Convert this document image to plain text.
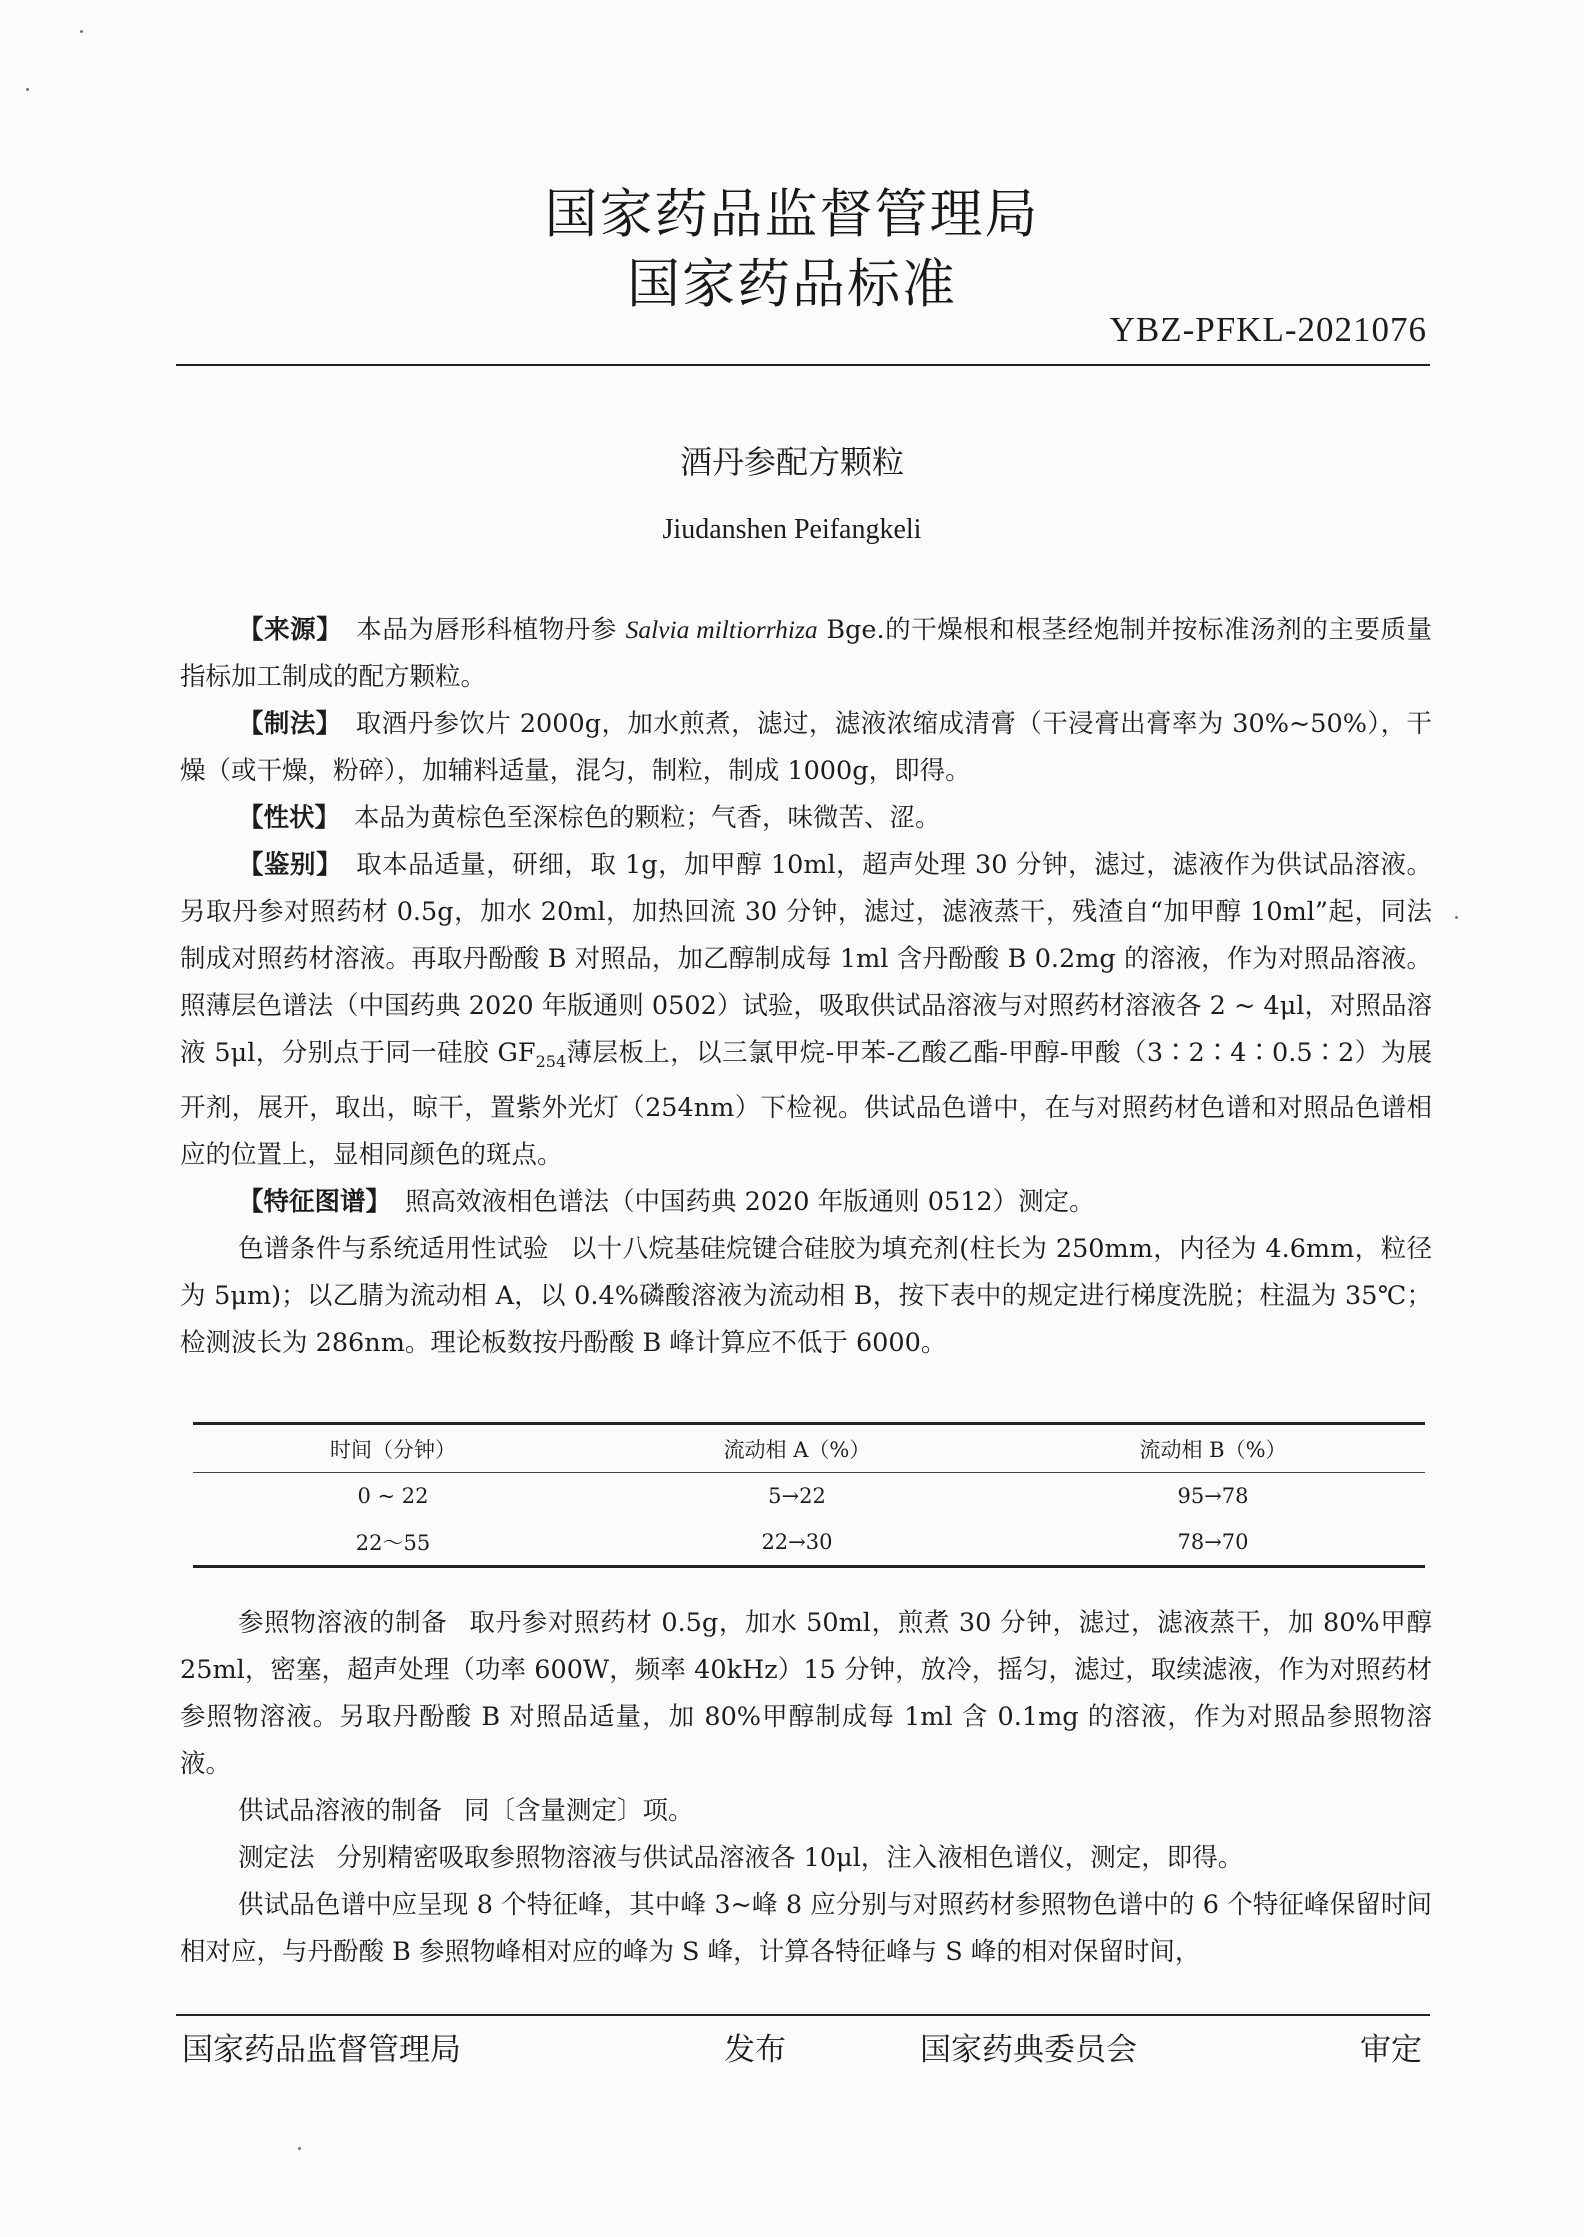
国家药品监督管理局
国家药品标准
YBZ-PFKL-2021076
酒丹参配方颗粒
Jiudanshen Peifangkeli

【来源】 本品为唇形科植物丹参 Salvia miltiorrhiza Bge.的干燥根和根茎经炮制并按标准汤剂的主要质量指标加工制成的配方颗粒。

【制法】 取酒丹参饮片 2000g，加水煎煮，滤过，滤液浓缩成清膏（干浸膏出膏率为 30%~50%），干燥（或干燥，粉碎），加辅料适量，混匀，制粒，制成 1000g，即得。

【性状】 本品为黄棕色至深棕色的颗粒；气香，味微苦、涩。

【鉴别】 取本品适量，研细，取 1g，加甲醇 10ml，超声处理 30 分钟，滤过，滤液作为供试品溶液。另取丹参对照药材 0.5g，加水 20ml，加热回流 30 分钟，滤过，滤液蒸干，残渣自“加甲醇 10ml”起，同法制成对照药材溶液。再取丹酚酸 B 对照品，加乙醇制成每 1ml 含丹酚酸 B 0.2mg 的溶液，作为对照品溶液。照薄层色谱法（中国药典 2020 年版通则 0502）试验，吸取供试品溶液与对照药材溶液各 2 ~ 4μl，对照品溶液 5μl，分别点于同一硅胶 $GF_{254}$薄层板上，以三氯甲烷-甲苯-乙酸乙酯-甲醇-甲酸（3∶2∶4∶0.5∶2）为展开剂，展开，取出，晾干，置紫外光灯（254nm）下检视。供试品色谱中，在与对照药材色谱和对照品色谱相应的位置上，显相同颜色的斑点。

【特征图谱】 照高效液相色谱法（中国药典 2020 年版通则 0512）测定。

色谱条件与系统适用性试验 以十八烷基硅烷键合硅胶为填充剂(柱长为 250mm，内径为 4.6mm，粒径为 5μm)；以乙腈为流动相 A，以 0.4%磷酸溶液为流动相 B，按下表中的规定进行梯度洗脱；柱温为 35℃；检测波长为 286nm。理论板数按丹酚酸 B 峰计算应不低于 6000。

时间（分钟）	流动相 A（%）	流动相 B（%）
0 ~ 22	5→22	95→78
22～55	22→30	78→70

参照物溶液的制备 取丹参对照药材 0.5g，加水 50ml，煎煮 30 分钟，滤过，滤液蒸干，加 80%甲醇 25ml，密塞，超声处理（功率 600W，频率 40kHz）15 分钟，放冷，摇匀，滤过，取续滤液，作为对照药材参照物溶液。另取丹酚酸 B 对照品适量，加 80%甲醇制成每 1ml 含 0.1mg 的溶液，作为对照品参照物溶液。

供试品溶液的制备 同〔含量测定〕项。

测定法 分别精密吸取参照物溶液与供试品溶液各 10μl，注入液相色谱仪，测定，即得。

供试品色谱中应呈现 8 个特征峰，其中峰 3~峰 8 应分别与对照药材参照物色谱中的 6 个特征峰保留时间相对应，与丹酚酸 B 参照物峰相对应的峰为 S 峰，计算各特征峰与 S 峰的相对保留时间，

国家药品监督管理局	发布	国家药典委员会	审定
